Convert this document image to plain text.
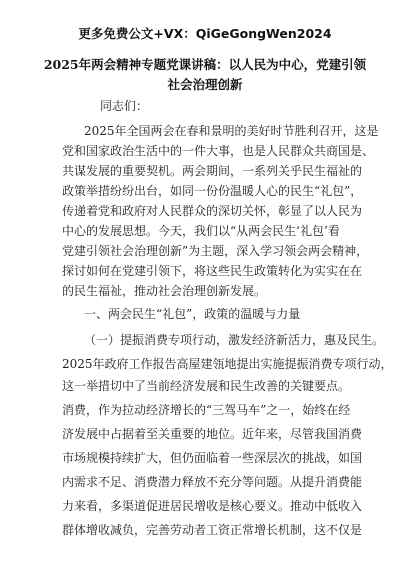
更多免费公文+VX：QiGeGongWen2024
2025年两会精神专题党课讲稿：以人民为中心，党建引领
社会治理创新
同志们：
2025年全国两会在春和景明的美好时节胜利召开，这是
党和国家政治生活中的一件大事，也是人民群众共商国是、
共谋发展的重要契机。两会期间，一系列关乎民生福祉的
政策举措纷纷出台，如同一份份温暖人心的民生“礼包”，
传递着党和政府对人民群众的深切关怀，彰显了以人民为
中心的发展思想。今天，我们以“从两会民生‘礼包’看
党建引领社会治理创新”为主题，深入学习领会两会精神，
探讨如何在党建引领下，将这些民生政策转化为实实在在
的民生福祉，推动社会治理创新发展。
一、两会民生“礼包”，政策的温暖与力量
（一）提振消费专项行动，激发经济新活力，惠及民生。
2025年政府工作报告高屋建瓴地提出实施提振消费专项行动，
这一举措切中了当前经济发展和民生改善的关键要点。
消费，作为拉动经济增长的“三驾马车”之一，始终在经
济发展中占据着至关重要的地位。近年来，尽管我国消费
市场规模持续扩大，但仍面临着一些深层次的挑战，如国
内需求不足、消费潜力释放不充分等问题。从提升消费能
力来看，多渠道促进居民增收是核心要义。推动中低收入
群体增收减负，完善劳动者工资正常增长机制，这不仅是
